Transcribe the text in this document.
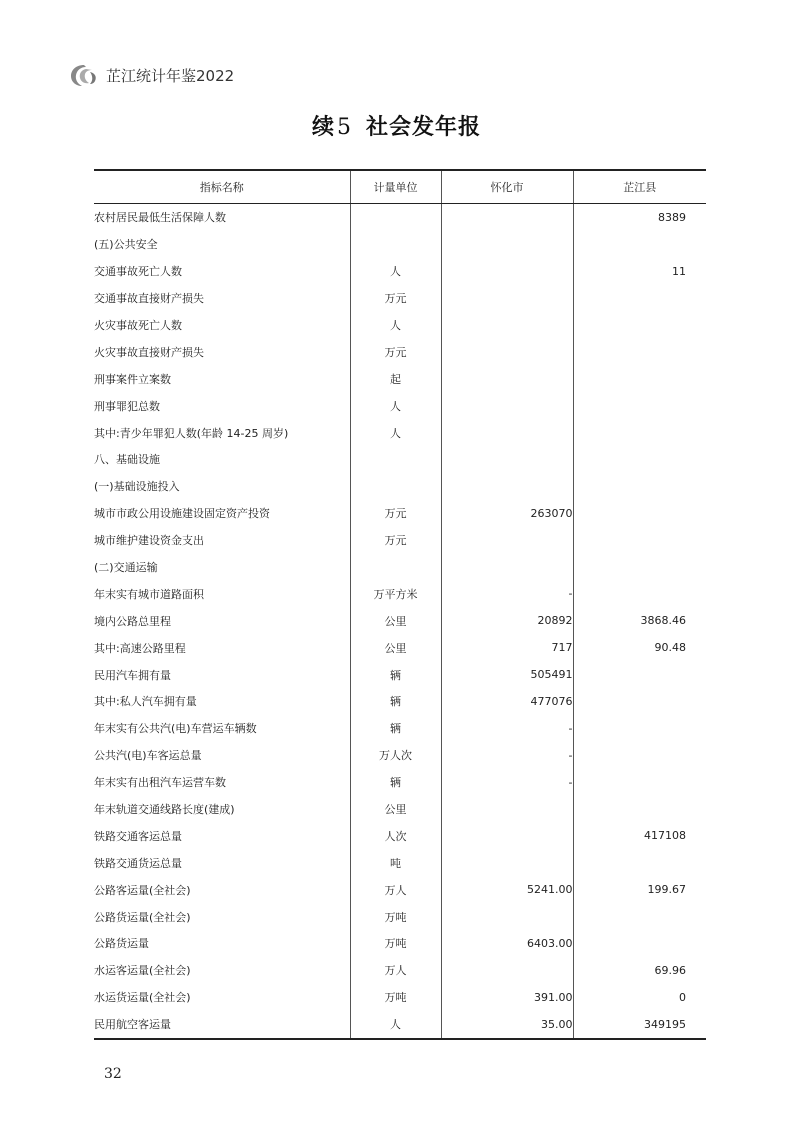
芷江统计年鉴2022
续5 社会发年报
指标名称	计量单位	怀化市	芷江县
农村居民最低生活保障人数			8389
(五)公共安全			
交通事故死亡人数	人		11
交通事故直接财产损失	万元		
火灾事故死亡人数	人		
火灾事故直接财产损失	万元		
刑事案件立案数	起		
刑事罪犯总数	人		
其中:青少年罪犯人数(年龄 14-25 周岁)	人		
八、基础设施			
(一)基础设施投入			
城市市政公用设施建设固定资产投资	万元	263070	
城市维护建设资金支出	万元		
(二)交通运输			
年末实有城市道路面积	万平方米	-	
境内公路总里程	公里	20892	3868.46
其中:高速公路里程	公里	717	90.48
民用汽车拥有量	辆	505491	
其中:私人汽车拥有量	辆	477076	
年末实有公共汽(电)车营运车辆数	辆	-	
公共汽(电)车客运总量	万人次	-	
年末实有出租汽车运营车数	辆	-	
年末轨道交通线路长度(建成)	公里		
铁路交通客运总量	人次		417108
铁路交通货运总量	吨		
公路客运量(全社会)	万人	5241.00	199.67
公路货运量(全社会)	万吨		
公路货运量	万吨	6403.00	
水运客运量(全社会)	万人		69.96
水运货运量(全社会)	万吨	391.00	0
民用航空客运量	人	35.00	349195
32
